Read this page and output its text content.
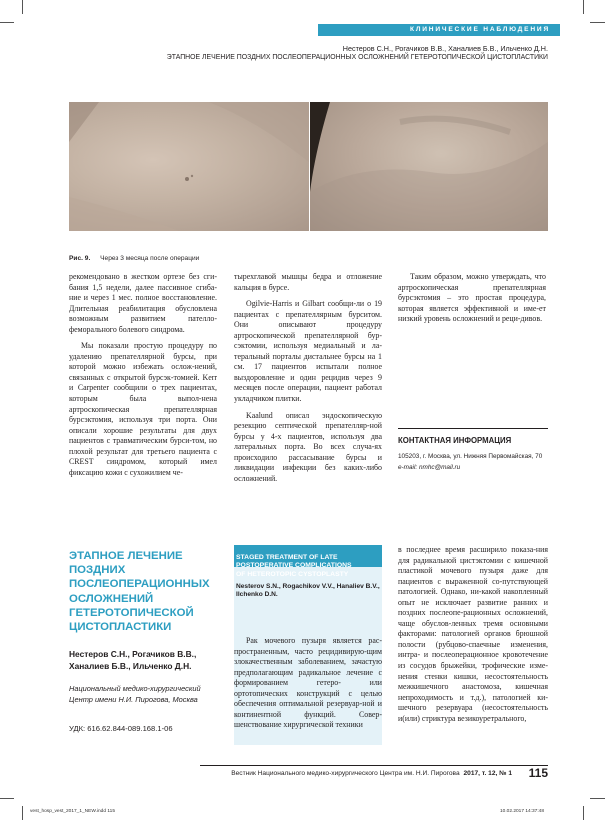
КЛИНИЧЕСКИЕ НАБЛЮДЕНИЯ
Нестеров С.Н., Рогачиков В.В., Ханалиев Б.В., Ильченко Д.Н.
ЭТАПНОЕ ЛЕЧЕНИЕ ПОЗДНИХ ПОСЛЕОПЕРАЦИОННЫХ ОСЛОЖНЕНИЙ ГЕТЕРОТОПИЧЕСКОЙ ЦИСТОПЛАСТИКИ
Рис. 9. Через 3 месяца после операции

рекомендовано в жестком ортезе без сги-бания 1,5 недели, далее пассивное сгиба-ние и через 1 мес. полное восстановление. Длительная реабилитация обусловлена возможным развитием пателло-феморального болевого синдрома.

Мы показали простую процедуру по удалению препателлярной бурсы, при которой можно избежать ослож-нений, связанных с открытой бурсэк-томией. Kerr и Carpenter сообщили о трех пациентах, которым была выпол-нена артроскопическая препателлярная бурсэктомия, используя три порта. Они описали хорошие результаты для двух пациентов с травматическим бурси-том, но плохой результат для третьего пациента с CREST синдромом, который имел фиксацию кожи с сухожилием че-

тырехглавой мышцы бедра и отложение кальция в бурсе.

Ogilvie-Harris и Gilbart сообщи-ли о 19 пациентах с препателлярным бурситом. Они описывают процедуру артроскопической препателлярной бур-сэктомии, используя медиальный и ла-теральный порталы дистальнее бурсы на 1 см. 17 пациентов испытали полное выздоровление и один рецидив через 9 месяцев после операции, пациент работал укладчиком плитки.

Kaalund описал эндоскопическую резекцию септической препателляр-ной бурсы у 4-х пациентов, используя два латеральных порта. Во всех случа-ях происходило рассасывание бурсы и ликвидации инфекции без каких-либо осложнений.

Таким образом, можно утверждать, что артроскопическая препателлярная бурсэктомия – это простая процедура, которая является эффективной и име-ет низкий уровень осложнений и реци-дивов.

КОНТАКТНАЯ ИНФОРМАЦИЯ
105203, г. Москва, ул. Нижняя Первомайская, 70
e-mail: nmhc@mail.ru
ЭТАПНОЕ ЛЕЧЕНИЕ
ПОЗДНИХ
ПОСЛЕОПЕРАЦИОННЫХ
ОСЛОЖНЕНИЙ
ГЕТЕРОТОПИЧЕСКОЙ
ЦИСТОПЛАСТИКИ
Нестеров С.Н., Рогачиков В.В.,
Ханалиев Б.В., Ильченко Д.Н.
Национальный медико-хирургический
Центр имени Н.И. Пирогова, Москва
УДК: 616.62.844-089.168.1-06
STAGED TREATMENT OF LATE
POSTOPERATIVE COMPLICATIONS
OF HETEROTOPIC CYSTOPLASTY
Nesterov S.N., Rogachikov V.V., Hanaliev B.V.,
Ilchenko D.N.

Рак мочевого пузыря является рас-пространенным, часто рецидивирую-щим злокачественным заболеванием, зачастую предполагающим радикальное лечение с формированием гетеро- или ортотопических конструкций с целью обеспечения оптимальной резервуар-ной и континентной функций. Совер-шенствование хирургической техники

в последнее время расширило показа-ния для радикальной цистэктомии с кишечной пластикой мочевого пузыря даже для пациентов с выраженной со-путствующей патологией. Однако, ни-какой накопленный опыт не исключает развитие ранних и поздних послеопе-рационных осложнений, чаще обуслов-ленных тремя основными факторами: патологией органов брюшной полости (рубцово-спаечные изменения, интра- и послеоперационное кровотечение из сосудов брыжейки, трофические изме-нения стенки кишки, несостоятельность межкишечного анастомоза, кишечная непроходимость и т.д.), патологией ки-шечного резервуара (несостоятельность и(или) стриктура везикоуретрального,

Вестник Национального медико-хирургического Центра им. Н.И. Пирогова 2017, т. 12, № 1	115
vest_hosp_vest_2017_1_NEW.indd 115	10.02.2017 14:37:48
